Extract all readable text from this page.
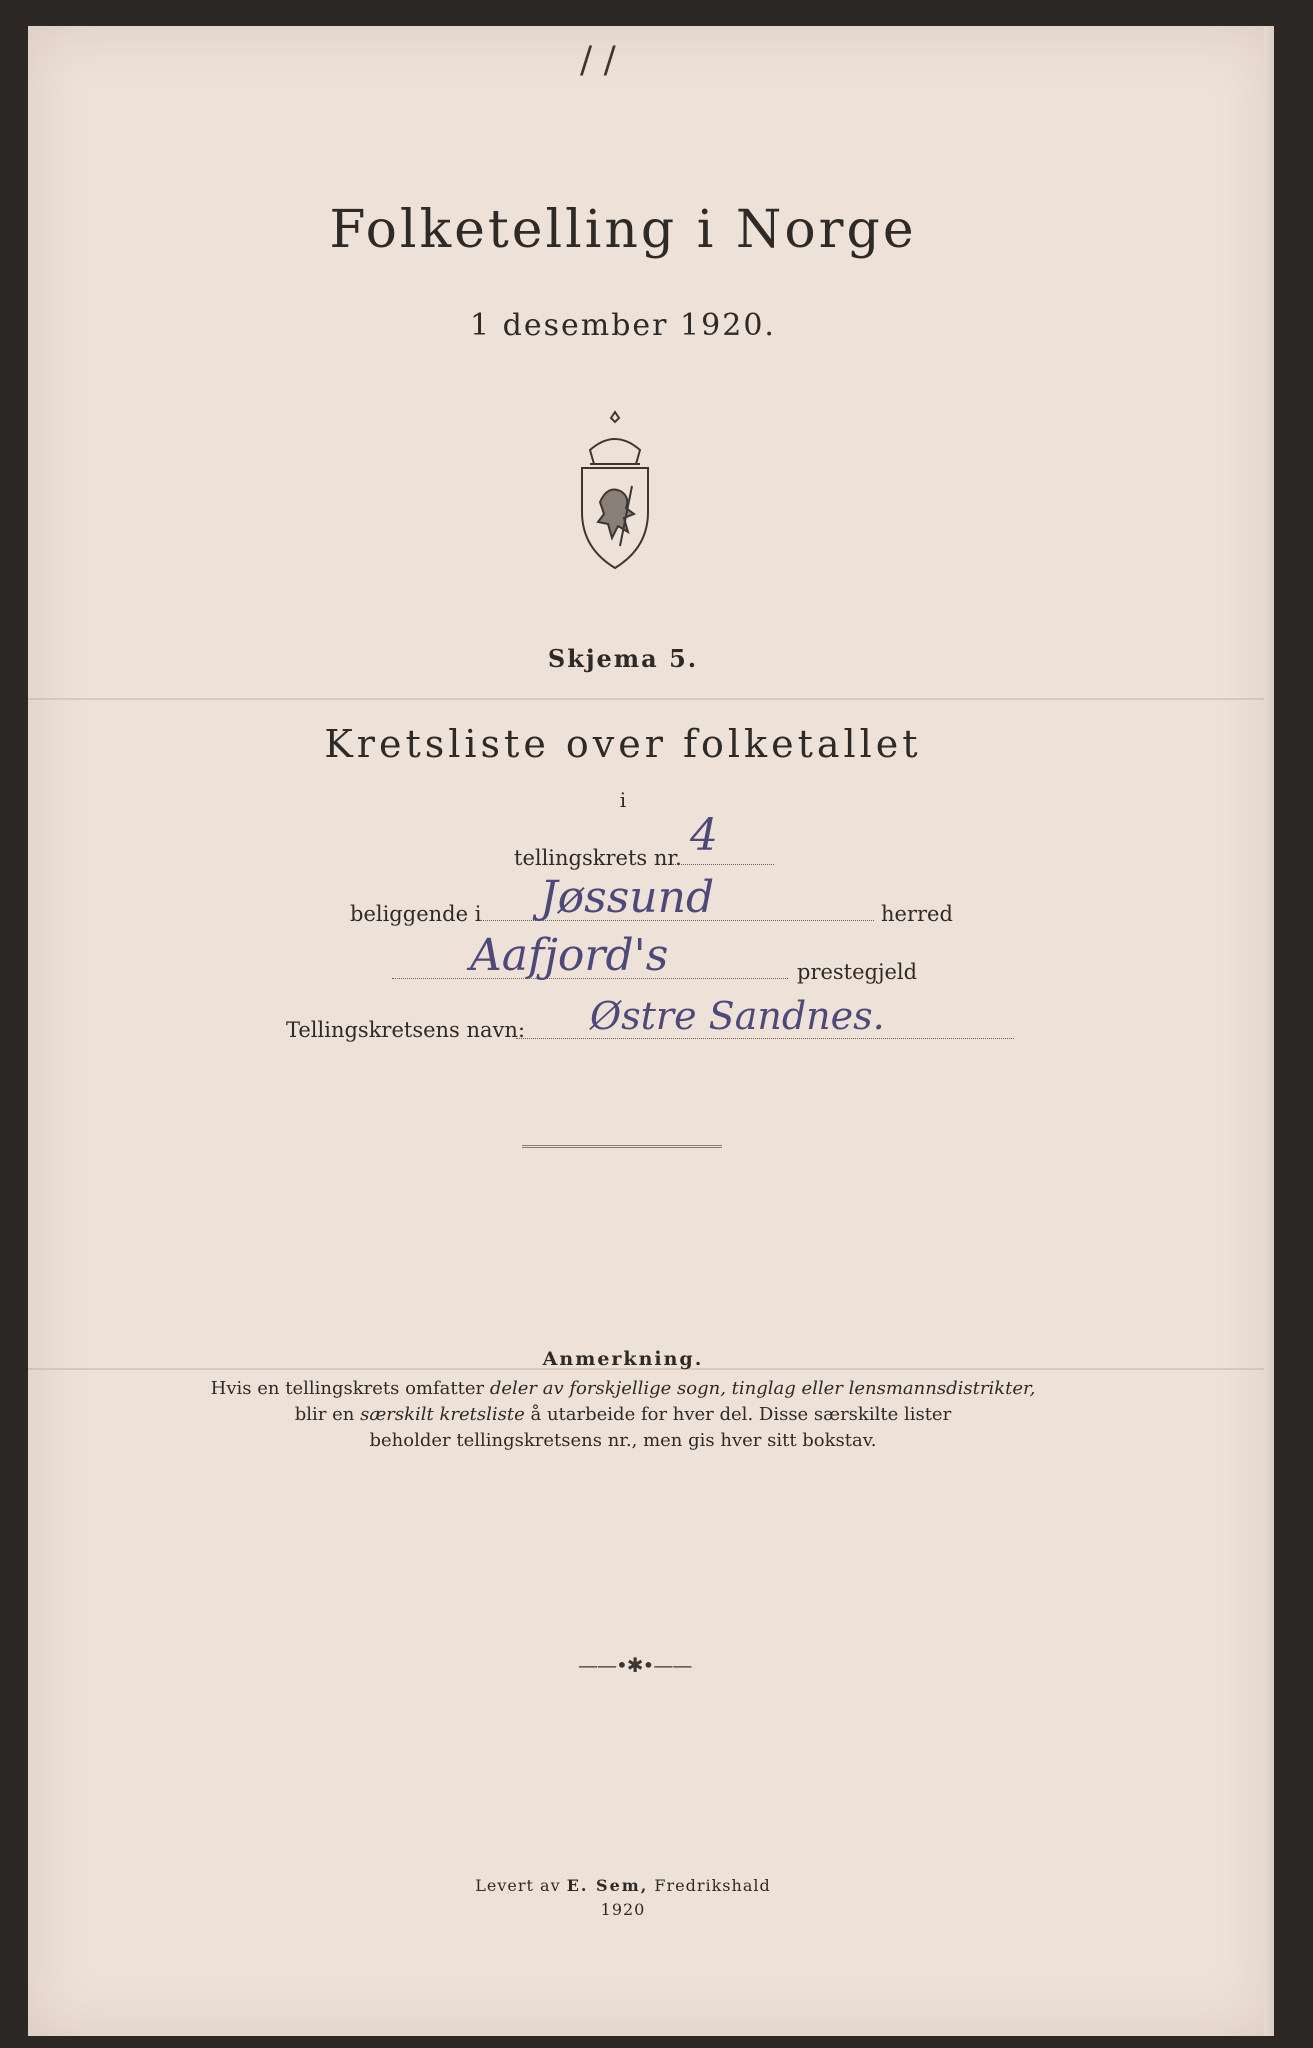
/ /
Folketelling i Norge
1 desember 1920.
Skjema 5.
Kretsliste over folketallet
i
tellingskrets nr. 4
beliggende i Jøssund	herred
Aafjord's	prestegjeld
Tellingskretsens navn: Østre Sandnes.
Anmerkning.
Hvis en tellingskrets omfatter deler av forskjellige sogn, tinglag eller lensmannsdistrikter,
blir en særskilt kretsliste å utarbeide for hver del. Disse særskilte lister
beholder tellingskretsens nr., men gis hver sitt bokstav.
——•✱•——
Levert av E. Sem, Fredrikshald
1920
